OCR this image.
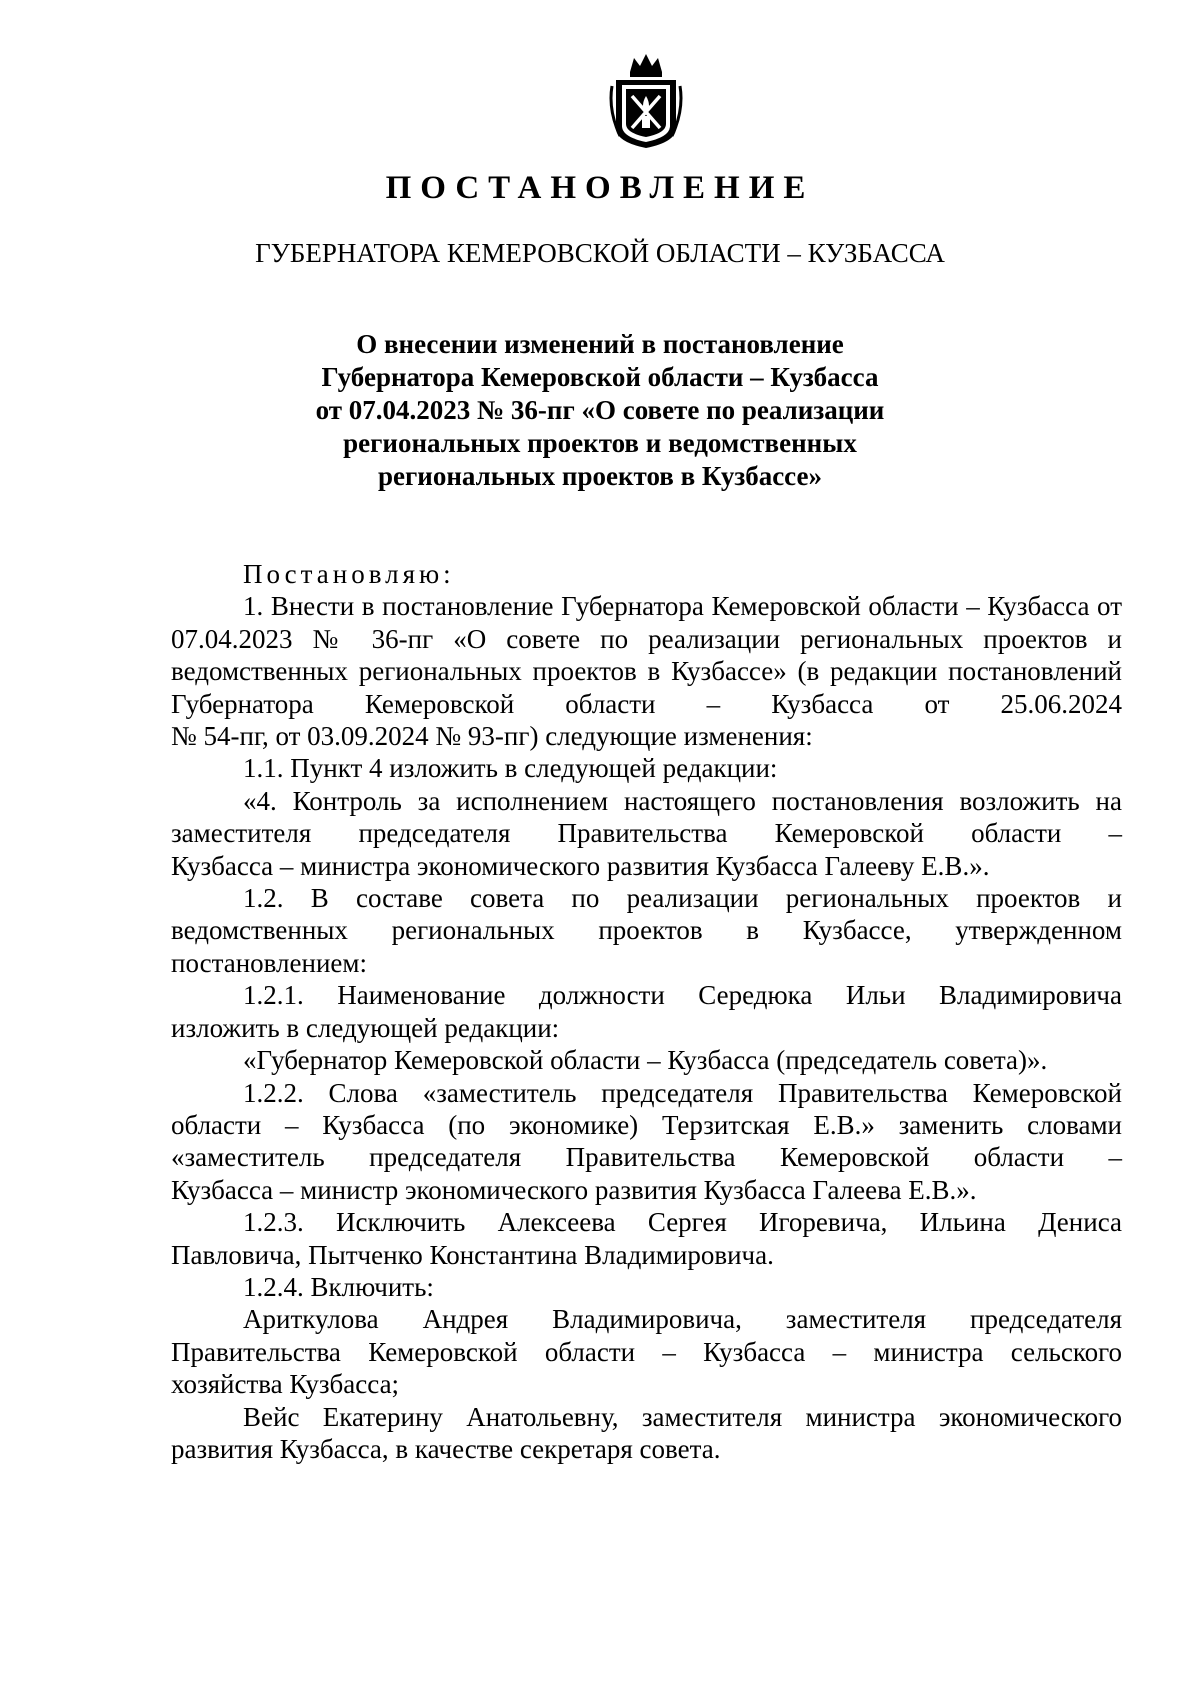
ПОСТАНОВЛЕНИЕ
ГУБЕРНАТОРА КЕМЕРОВСКОЙ ОБЛАСТИ – КУЗБАССА
О внесении изменений в постановление
Губернатора Кемеровской области – Кузбасса
от 07.04.2023 № 36-пг «О совете по реализации
региональных проектов и ведомственных
региональных проектов в Кузбассе»

Постановляю:

1. Внести в постановление Губернатора Кемеровской области – Кузбасса от 07.04.2023 № 36-пг «О совете по реализации региональных проектов и ведомственных региональных проектов в Кузбассе» (в редакции постановлений Губернатора Кемеровской области – Кузбасса от 25.06.2024

№ 54-пг, от 03.09.2024 № 93-пг) следующие изменения:

1.1. Пункт 4 изложить в следующей редакции:

«4. Контроль за исполнением настоящего постановления возложить на заместителя председателя Правительства Кемеровской области –

Кузбасса – министра экономического развития Кузбасса Галееву Е.В.».

1.2. В составе совета по реализации региональных проектов и ведомственных региональных проектов в Кузбассе, утвержденном

постановлением:

1.2.1. Наименование должности Середюка Ильи Владимировича

изложить в следующей редакции:

«Губернатор Кемеровской области – Кузбасса (председатель совета)».

1.2.2. Слова «заместитель председателя Правительства Кемеровской области – Кузбасса (по экономике) Терзитская Е.В.» заменить словами «заместитель председателя Правительства Кемеровской области –

Кузбасса – министр экономического развития Кузбасса Галеева Е.В.».

1.2.3. Исключить Алексеева Сергея Игоревича, Ильина Дениса

Павловича, Пытченко Константина Владимировича.

1.2.4. Включить:

Ариткулова Андрея Владимировича, заместителя председателя Правительства Кемеровской области – Кузбасса – министра сельского

хозяйства Кузбасса;

Вейс Екатерину Анатольевну, заместителя министра экономического

развития Кузбасса, в качестве секретаря совета.
